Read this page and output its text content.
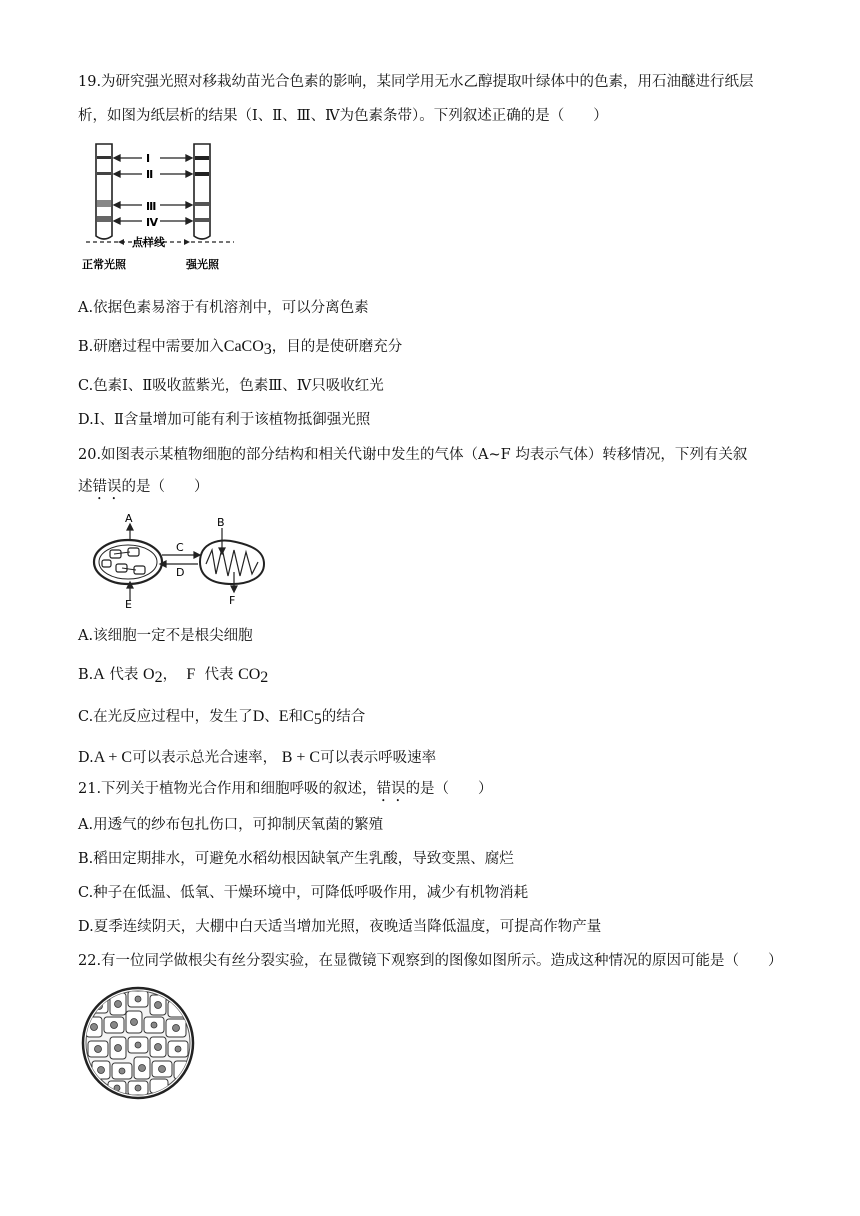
19.为研究强光照对移栽幼苗光合色素的影响，某同学用无水乙醇提取叶绿体中的色素，用石油醚进行纸层
析，如图为纸层析的结果（Ⅰ、Ⅱ、Ⅲ、Ⅳ为色素条带）。下列叙述正确的是（　　）
Ⅰ
Ⅱ
Ⅲ
Ⅳ
点样线
正常光照	强光照
A.依据色素易溶于有机溶剂中，可以分离色素
B.研磨过程中需要加入CaCO$_3$，目的是使研磨充分
C.色素Ⅰ、Ⅱ吸收蓝紫光，色素Ⅲ、Ⅳ只吸收红光
D.Ⅰ、Ⅱ含量增加可能有利于该植物抵御强光照
20.如图表示某植物细胞的部分结构和相关代谢中发生的气体（A~F 均表示气体）转移情况，下列有关叙
述错误的是（　　）
A	B
C
D
E	F
A.该细胞一定不是根尖细胞
B.A 代表 $O_2$， F 代表 $CO_2$
C.在光反应过程中，发生了D、E和$C_5$的结合
D.A + C可以表示总光合速率， B + C可以表示呼吸速率
21.下列关于植物光合作用和细胞呼吸的叙述，错误的是（　　）
A.用透气的纱布包扎伤口，可抑制厌氧菌的繁殖
B.稻田定期排水，可避免水稻幼根因缺氧产生乳酸，导致变黑、腐烂
C.种子在低温、低氧、干燥环境中，可降低呼吸作用，减少有机物消耗
D.夏季连续阴天，大棚中白天适当增加光照，夜晚适当降低温度，可提高作物产量
22.有一位同学做根尖有丝分裂实验，在显微镜下观察到的图像如图所示。造成这种情况的原因可能是（　　）
